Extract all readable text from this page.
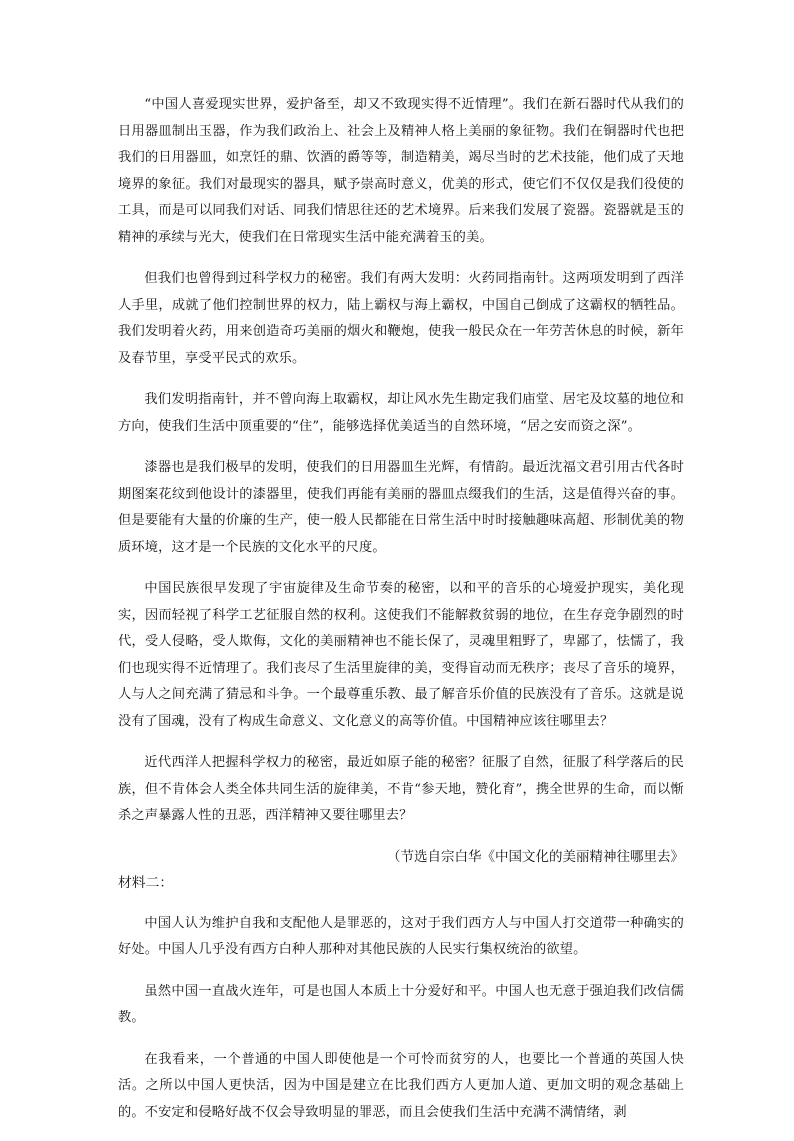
“中国人喜爱现实世界，爱护备至，却又不致现实得不近情理”。我们在新石器时代从我们的日用器皿制出玉器，作为我们政治上、社会上及精神人格上美丽的象征物。我们在铜器时代也把我们的日用器皿，如烹饪的鼎、饮酒的爵等等，制造精美，竭尽当时的艺术技能，他们成了天地境界的象征。我们对最现实的器具，赋予崇高时意义，优美的形式，使它们不仅仅是我们役使的工具，而是可以同我们对话、同我们情思往还的艺术境界。后来我们发展了瓷器。瓷器就是玉的精神的承续与光大，使我们在日常现实生活中能充满着玉的美。

但我们也曾得到过科学权力的秘密。我们有两大发明：火药同指南针。这两项发明到了西洋人手里，成就了他们控制世界的权力，陆上霸权与海上霸权，中国自己倒成了这霸权的牺牲品。我们发明着火药，用来创造奇巧美丽的烟火和鞭炮，使我一般民众在一年劳苦休息的时候，新年及春节里，享受平民式的欢乐。

我们发明指南针，并不曾向海上取霸权，却让风水先生勘定我们庙堂、居宅及坟墓的地位和方向，使我们生活中顶重要的“住”，能够选择优美适当的自然环境，“居之安而资之深”。

漆器也是我们极早的发明，使我们的日用器皿生光辉，有情韵。最近沈福文君引用古代各时期图案花纹到他设计的漆器里，使我们再能有美丽的器皿点缀我们的生活，这是值得兴奋的事。但是要能有大量的价廉的生产，使一般人民都能在日常生活中时时接触趣味高超、形制优美的物质环境，这才是一个民族的文化水平的尺度。

中国民族很早发现了宇宙旋律及生命节奏的秘密，以和平的音乐的心境爱护现实，美化现实，因而轻视了科学工艺征服自然的权利。这使我们不能解救贫弱的地位，在生存竞争剧烈的时代，受人侵略，受人欺侮，文化的美丽精神也不能长保了，灵魂里粗野了，卑鄙了，怯懦了，我们也现实得不近情理了。我们丧尽了生活里旋律的美，变得盲动而无秩序；丧尽了音乐的境界，人与人之间充满了猜忌和斗争。一个最尊重乐教、最了解音乐价值的民族没有了音乐。这就是说没有了国魂，没有了构成生命意义、文化意义的高等价值。中国精神应该往哪里去？

近代西洋人把握科学权力的秘密，最近如原子能的秘密？征服了自然，征服了科学落后的民族，但不肯体会人类全体共同生活的旋律美，不肯“参天地，赞化育”，携全世界的生命，而以惭杀之声暴露人性的丑恶，西洋精神又要往哪里去？

（节选自宗白华《中国文化的美丽精神往哪里去》

材料二：

中国人认为维护自我和支配他人是罪恶的，这对于我们西方人与中国人打交道带一种确实的好处。中国人几乎没有西方白种人那种对其他民族的人民实行集权统治的欲望。

虽然中国一直战火连年，可是也国人本质上十分爱好和平。中国人也无意于强迫我们改信儒教。

在我看来，一个普通的中国人即使他是一个可怜而贫穷的人，也要比一个普通的英国人快活。之所以中国人更快活，因为中国是建立在比我们西方人更加人道、更加文明的观念基础上的。不安定和侵略好战不仅会导致明显的罪恶，而且会使我们生活中充满不满情绪，剥
